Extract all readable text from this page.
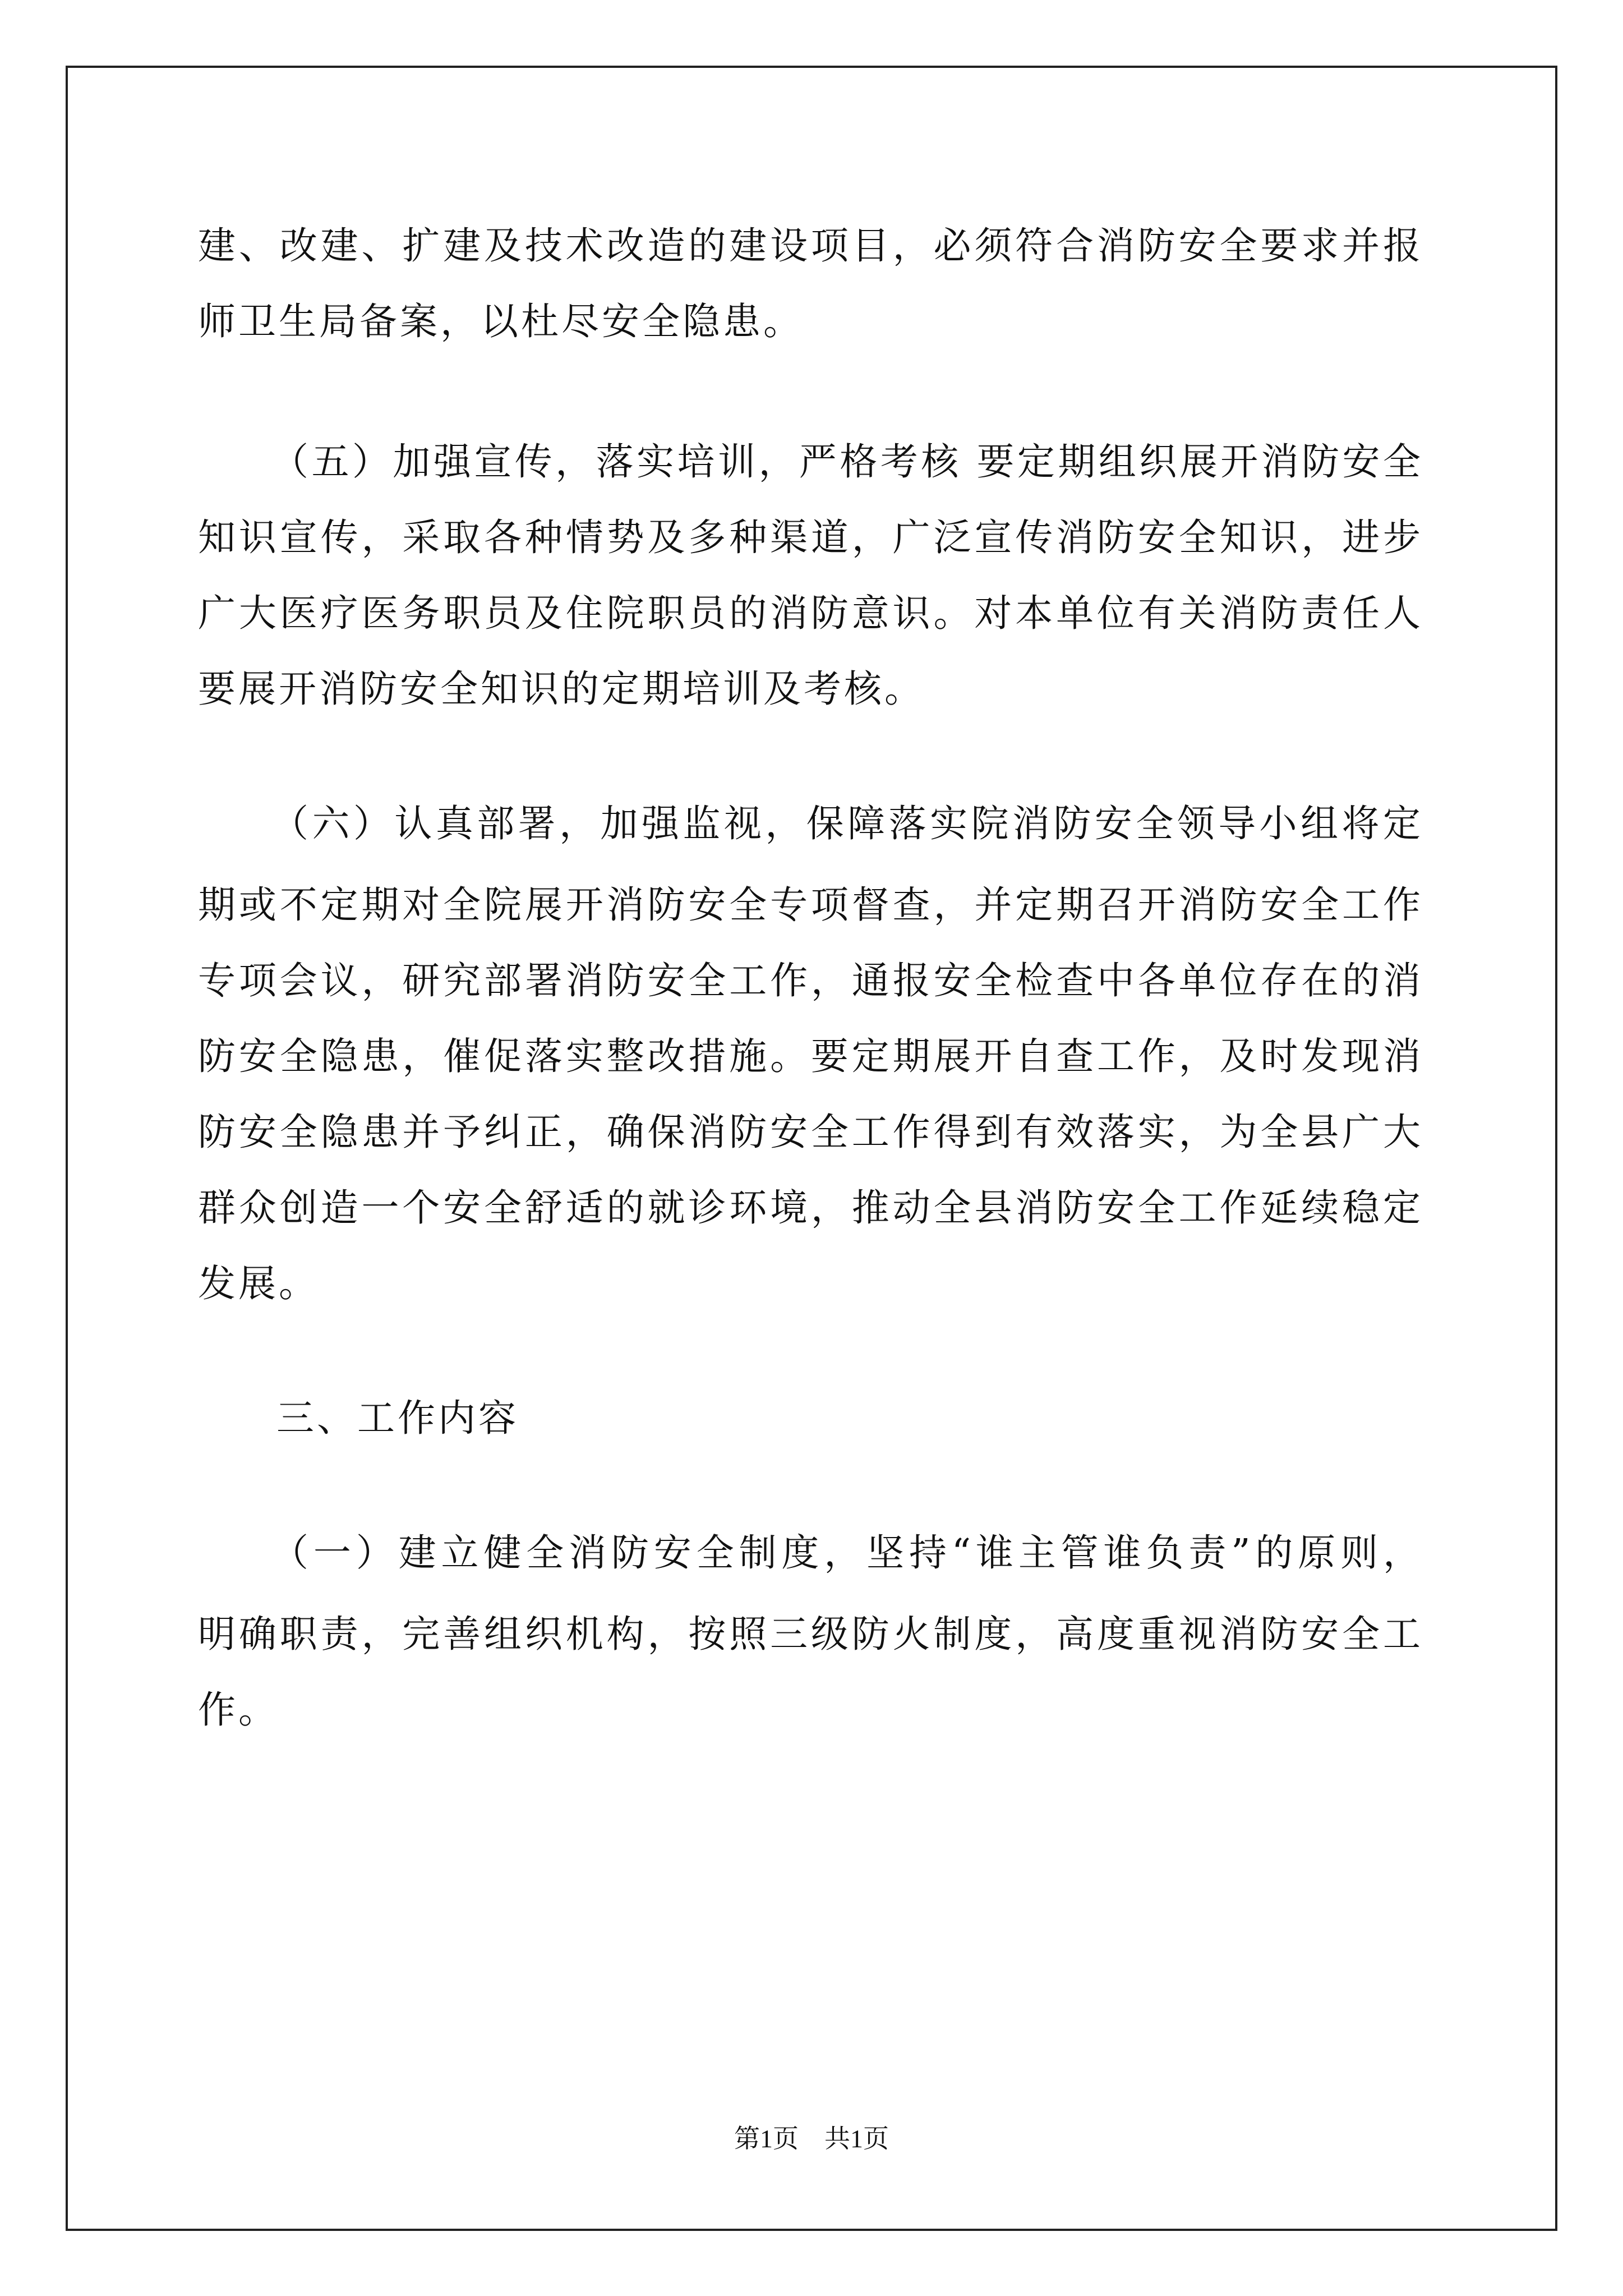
建、改建、扩建及技术改造的建设项目，必须符合消防安全要求并报
师卫生局备案，以杜尽安全隐患。
（五）加强宣传，落实培训，严格考核 要定期组织展开消防安全
知识宣传，采取各种情势及多种渠道，广泛宣传消防安全知识，进步
广大医疗医务职员及住院职员的消防意识。对本单位有关消防责任人
要展开消防安全知识的定期培训及考核。
（六）认真部署，加强监视，保障落实院消防安全领导小组将定
期或不定期对全院展开消防安全专项督查，并定期召开消防安全工作
专项会议，研究部署消防安全工作，通报安全检查中各单位存在的消
防安全隐患，催促落实整改措施。要定期展开自查工作，及时发现消
防安全隐患并予纠正，确保消防安全工作得到有效落实，为全县广大
群众创造一个安全舒适的就诊环境，推动全县消防安全工作延续稳定
发展。
三、工作内容
（一）建立健全消防安全制度，坚持“谁主管谁负责”的原则，
明确职责，完善组织机构，按照三级防火制度，高度重视消防安全工
作。
第1页　共1页
